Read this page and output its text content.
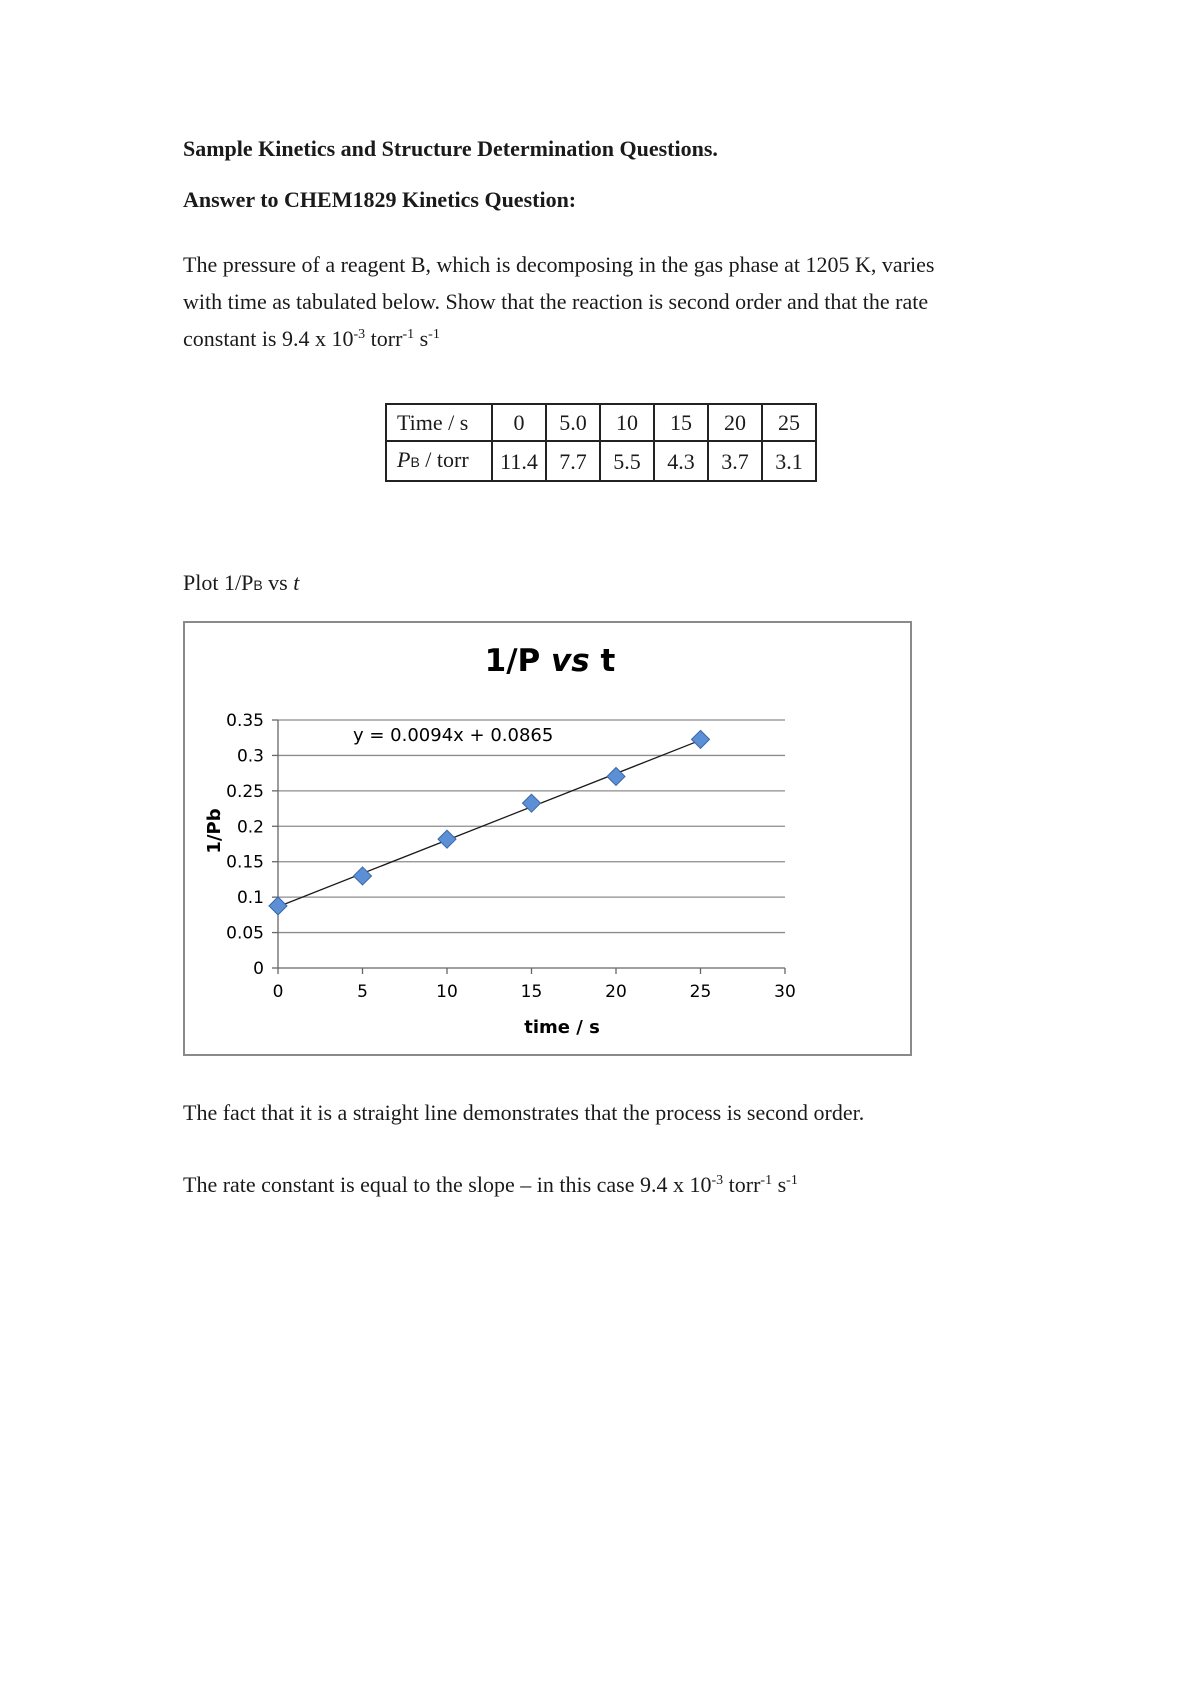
Sample Kinetics and Structure Determination Questions.
Answer to CHEM1829 Kinetics Question:
The pressure of a reagent B, which is decomposing in the gas phase at 1205 K, varies
with time as tabulated below. Show that the reaction is second order and that the rate
constant is 9.4 x $10^{-3}$ torr$^{-1}$ $s^{-1}$
Time / s	0	5.0	10	15	20	25
PB / torr	11.4	7.7	5.5	4.3	3.7	3.1
Plot 1/PB vs t
1/P vs t
0
0.05
0.1
0.15
0.2
0.25
0.3
0.35
0	5	10	15	20	25	30
y = 0.0094x + 0.0865
time / s
1/Pb
The fact that it is a straight line demonstrates that the process is second order.
The rate constant is equal to the slope – in this case 9.4 x $10^{-3}$ torr$^{-1}$ $s^{-1}$
